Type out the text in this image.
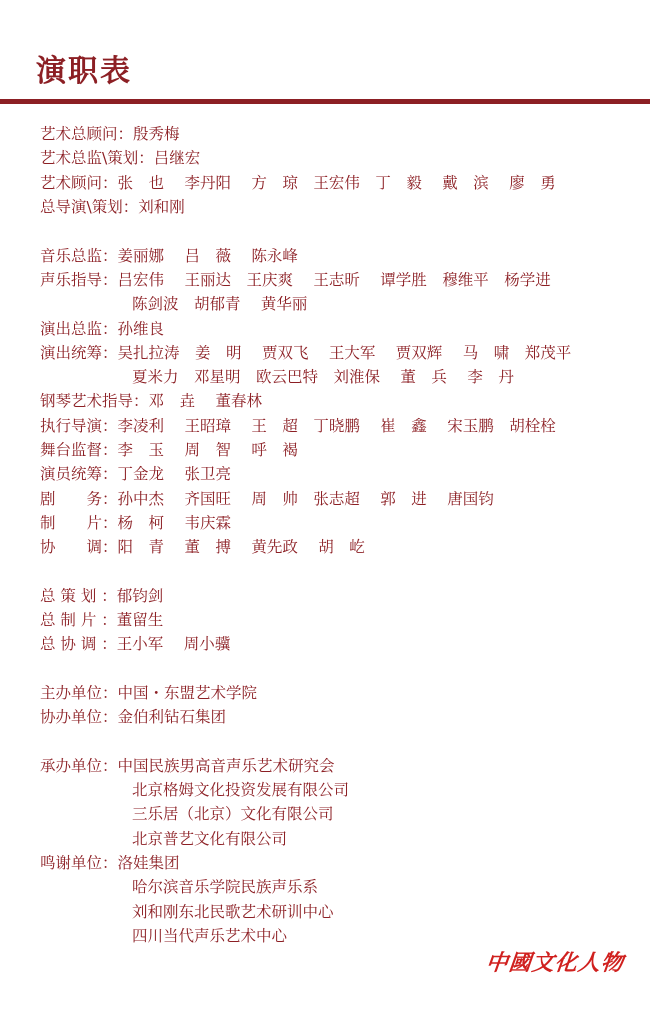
演职表
艺术总顾问： 殷秀梅
艺术总监\策划： 吕继宏
艺术顾问： 张　也　 李丹阳　 方　琼　王宏伟　丁　毅　 戴　滨　 廖　勇
总导演\策划： 刘和刚
音乐总监： 姜丽娜　 吕　薇　 陈永峰
声乐指导： 吕宏伟　 王丽达　王庆爽　 王志昕　 谭学胜　穆维平　杨学进
陈剑波　胡郁青　 黄华丽
演出总监： 孙维良
演出统筹： 吴扎拉涛　姜　明　 贾双飞　 王大军　 贾双辉　 马　啸　郑茂平
夏米力　邓星明　欧云巴特　刘淮保　 董　兵　 李　丹
钢琴艺术指导： 邓　垚　 董春林
执行导演： 李凌利　 王昭璋　 王　超　丁晓鹏　 崔　鑫　 宋玉鹏　胡栓栓
舞台监督： 李　玉　 周　智　 呼　褐
演员统筹： 丁金龙　 张卫亮
剧　　务： 孙中杰　 齐国旺　 周　帅　张志超　 郭　进　 唐国钧
制　　片： 杨　柯　 韦庆霖
协　　调： 阳　青　 董　搏　 黄先政　 胡　屹
总 策 划 ： 郁钧剑
总 制 片 ： 董留生
总 协 调 ： 王小军　 周小骥
主办单位： 中国・东盟艺术学院
协办单位： 金伯利钻石集团
承办单位： 中国民族男高音声乐艺术研究会
北京格姆文化投资发展有限公司
三乐居（北京）文化有限公司
北京普艺文化有限公司
鸣谢单位： 洛娃集团
哈尔滨音乐学院民族声乐系
刘和刚东北民歌艺术研训中心
四川当代声乐艺术中心
中國文化人物
